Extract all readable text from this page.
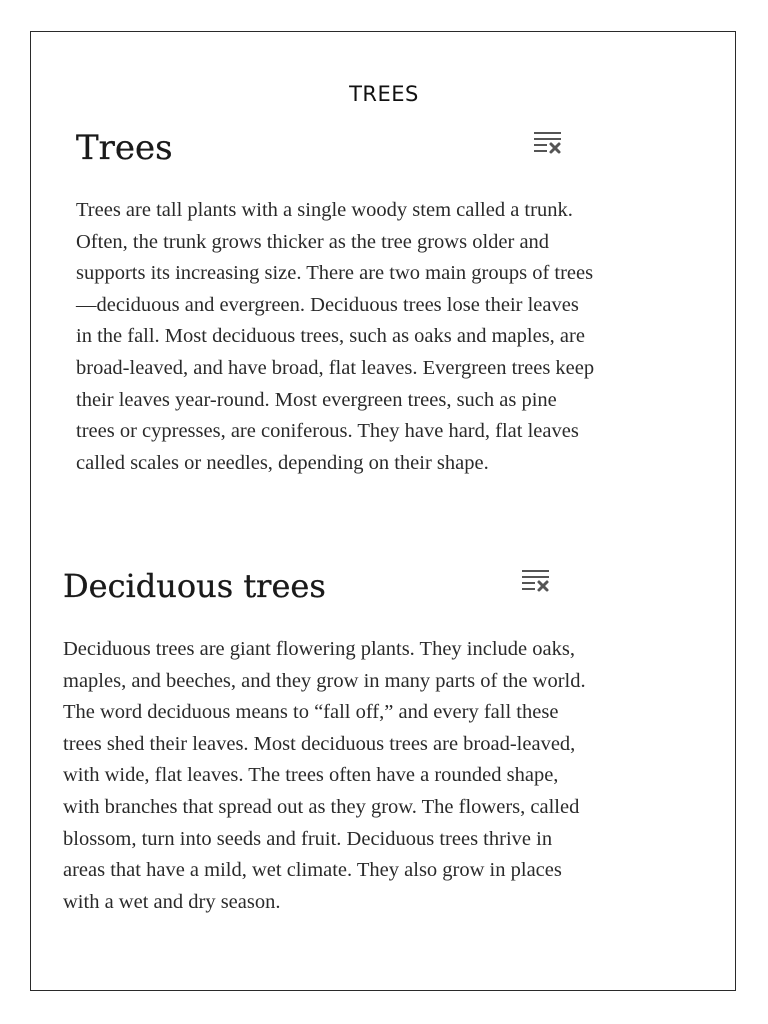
TREES
Trees

Trees are tall plants with a single woody stem called a trunk. Often, the trunk grows thicker as the tree grows older and supports its increasing size. There are two main groups of trees—deciduous and evergreen. Deciduous trees lose their leaves in the fall. Most deciduous trees, such as oaks and maples, are broad-leaved, and have broad, flat leaves. Evergreen trees keep their leaves year-round. Most evergreen trees, such as pine trees or cypresses, are coniferous. They have hard, flat leaves called scales or needles, depending on their shape.

Deciduous trees

Deciduous trees are giant flowering plants. They include oaks, maples, and beeches, and they grow in many parts of the world. The word deciduous means to “fall off,” and every fall these trees shed their leaves. Most deciduous trees are broad-leaved, with wide, flat leaves. The trees often have a rounded shape, with branches that spread out as they grow. The flowers, called blossom, turn into seeds and fruit. Deciduous trees thrive in areas that have a mild, wet climate. They also grow in places with a wet and dry season.
